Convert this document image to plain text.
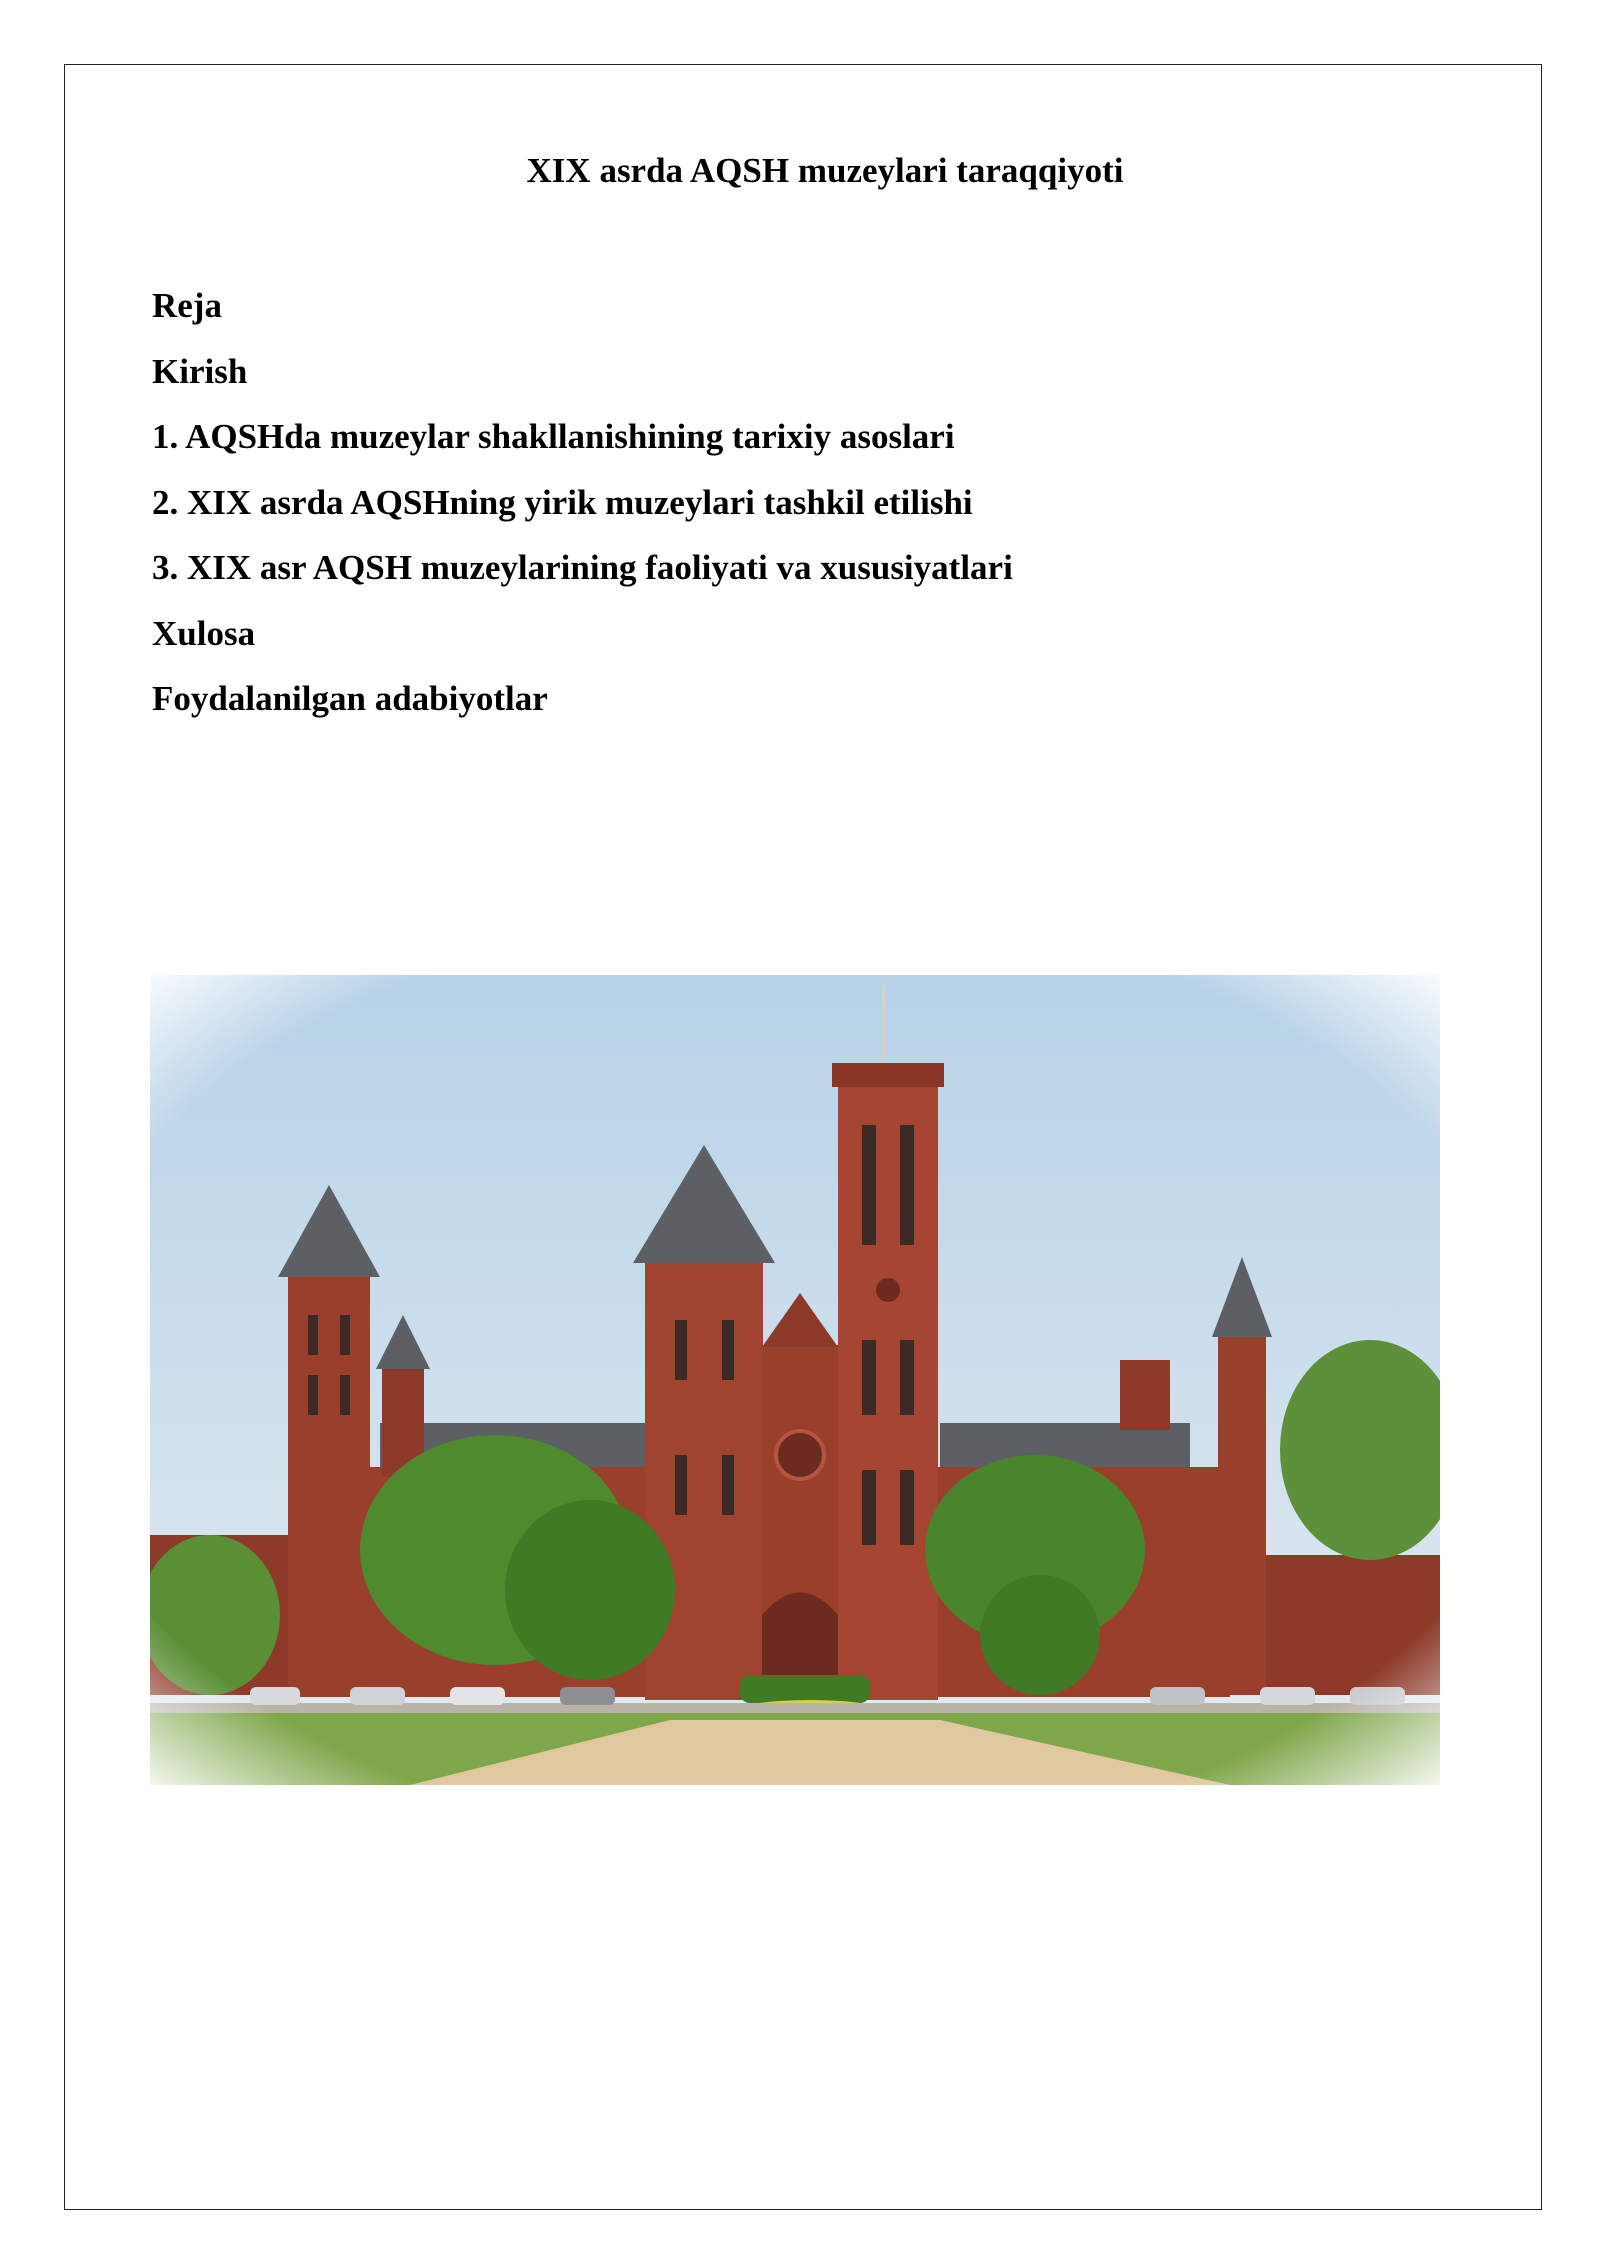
XIX asrda AQSH muzeylari taraqqiyoti
Reja
Kirish
1. AQSHda muzeylar shakllanishining tarixiy asoslari
2. XIX asrda AQSHning yirik muzeylari tashkil etilishi
3. XIX asr AQSH muzeylarining faoliyati va xususiyatlari
Xulosa
Foydalanilgan adabiyotlar
